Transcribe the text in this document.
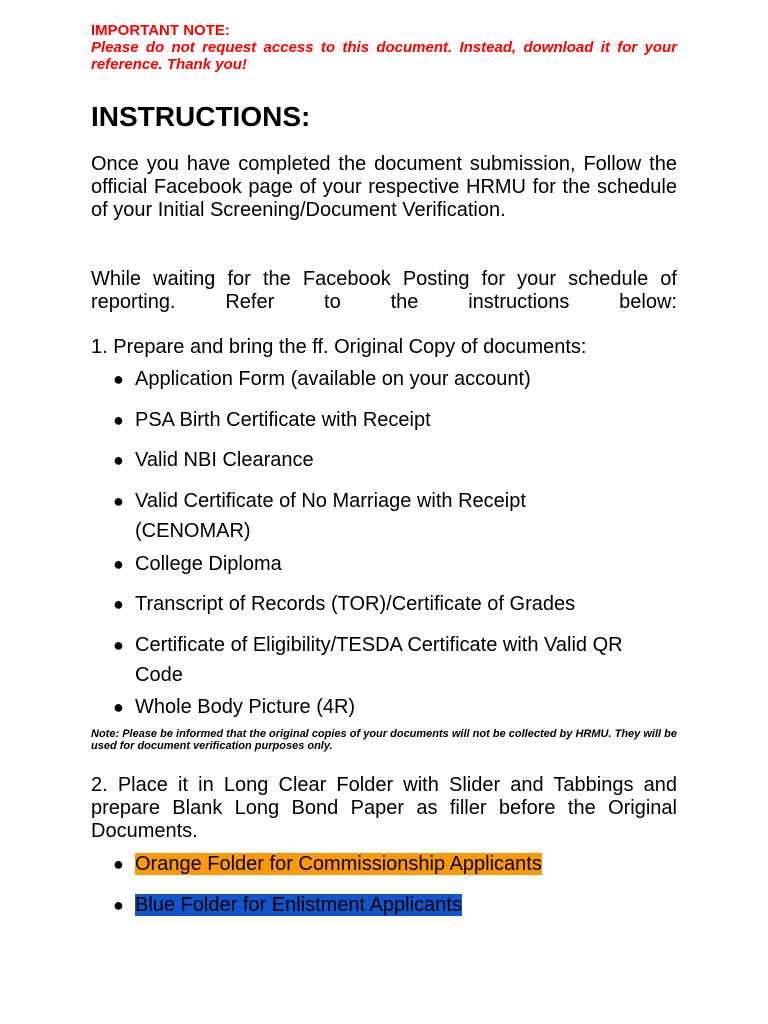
IMPORTANT NOTE:

Please do not request access to this document. Instead, download it for your reference. Thank you!

INSTRUCTIONS:

Once you have completed the document submission, Follow the official Facebook page of your respective HRMU for the schedule of your Initial Screening/Document Verification.

While waiting for the Facebook Posting for your schedule of reporting. Refer to the instructions below:

1. Prepare and bring the ff. Original Copy of documents:

● Application Form (available on your account)
● PSA Birth Certificate with Receipt
● Valid NBI Clearance
● Valid Certificate of No Marriage with Receipt (CENOMAR)
● College Diploma
● Transcript of Records (TOR)/Certificate of Grades
● Certificate of Eligibility/TESDA Certificate with Valid QR Code
● Whole Body Picture (4R)

Note: Please be informed that the original copies of your documents will not be collected by HRMU. They will be used for document verification purposes only.

2. Place it in Long Clear Folder with Slider and Tabbings and prepare Blank Long Bond Paper as filler before the Original Documents.

● Orange Folder for Commissionship Applicants
● Blue Folder for Enlistment Applicants
